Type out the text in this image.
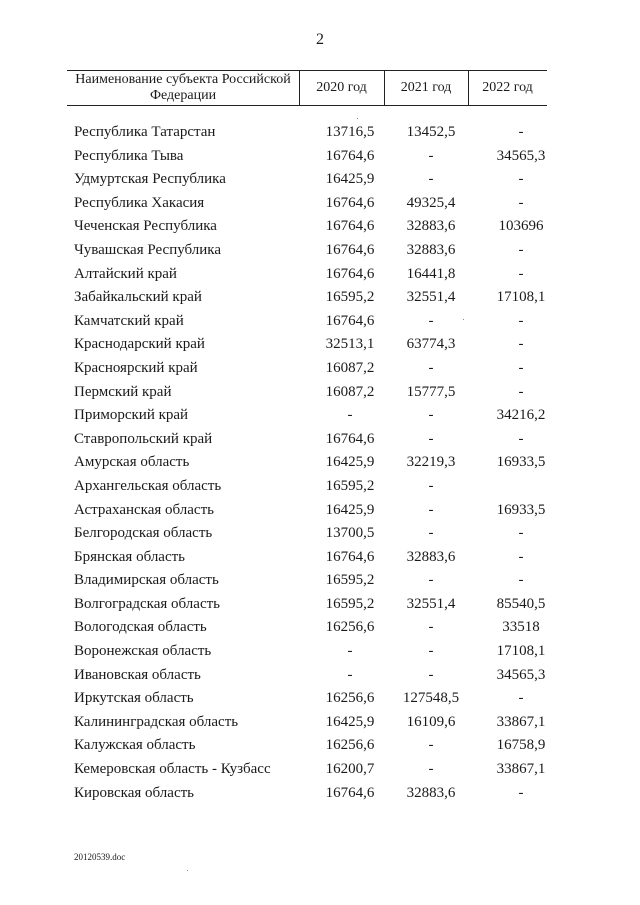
2
Наименование субъекта Российской Федерации
2020 год	2021 год	2022 год
Республика Татарстан	13716,5	13452,5	-
Республика Тыва	16764,6	-	34565,3
Удмуртская Республика	16425,9	-	-
Республика Хакасия	16764,6	49325,4	-
Чеченская Республика	16764,6	32883,6	103696
Чувашская Республика	16764,6	32883,6	-
Алтайский край	16764,6	16441,8	-
Забайкальский край	16595,2	32551,4	17108,1
Камчатский край	16764,6	-	-
Краснодарский край	32513,1	63774,3	-
Красноярский край	16087,2	-	-
Пермский край	16087,2	15777,5	-
Приморский край	-	-	34216,2
Ставропольский край	16764,6	-	-
Амурская область	16425,9	32219,3	16933,5
Архангельская область	16595,2	-
Астраханская область	16425,9	-	16933,5
Белгородская область	13700,5	-	-
Брянская область	16764,6	32883,6	-
Владимирская область	16595,2	-	-
Волгоградская область	16595,2	32551,4	85540,5
Вологодская область	16256,6	-	33518
Воронежская область	-	-	17108,1
Ивановская область	-	-	34565,3
Иркутская область	16256,6	127548,5	-
Калининградская область	16425,9	16109,6	33867,1
Калужская область	16256,6	-	16758,9
Кемеровская область - Кузбасс	16200,7	-	33867,1
Кировская область	16764,6	32883,6	-
20120539.doc
